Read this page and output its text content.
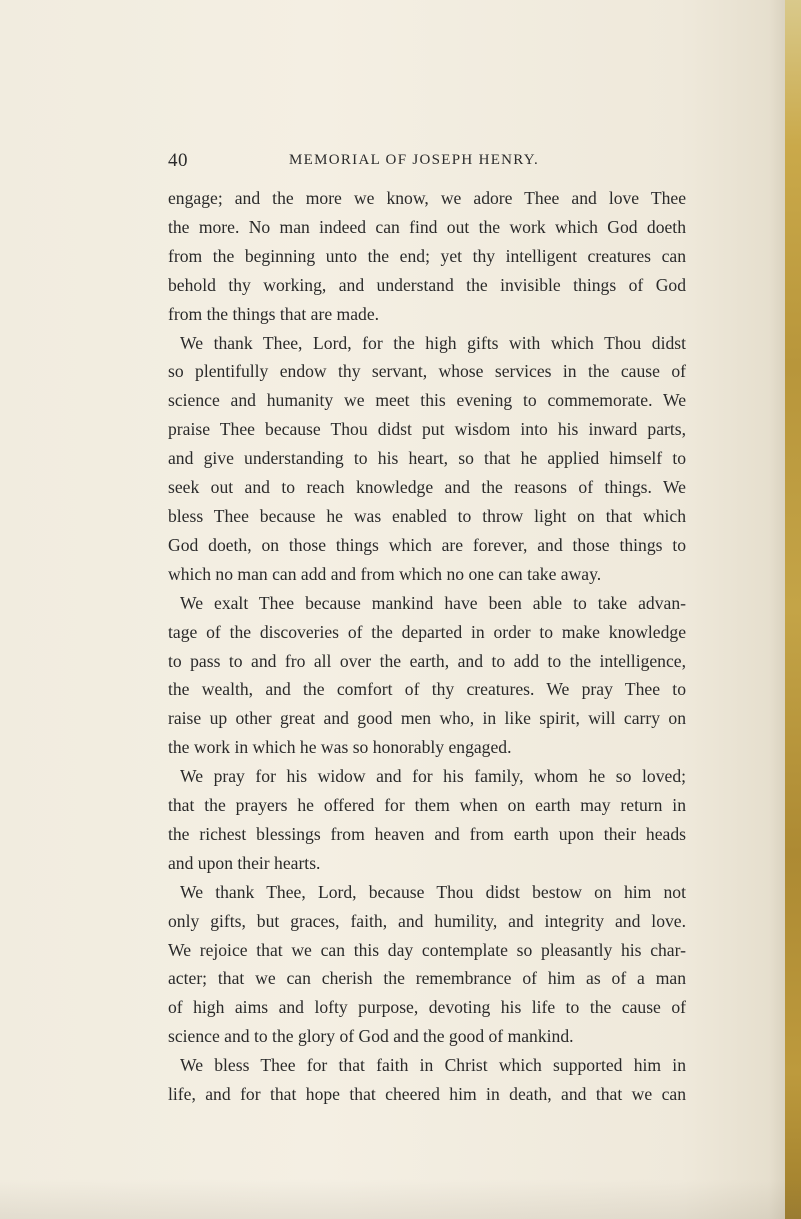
40	MEMORIAL OF JOSEPH HENRY.
engage; and the more we know, we adore Thee and love Thee
the more. No man indeed can find out the work which God doeth
from the beginning unto the end; yet thy intelligent creatures can
behold thy working, and understand the invisible things of God
from the things that are made.
We thank Thee, Lord, for the high gifts with which Thou didst
so plentifully endow thy servant, whose services in the cause of
science and humanity we meet this evening to commemorate. We
praise Thee because Thou didst put wisdom into his inward parts,
and give understanding to his heart, so that he applied himself to
seek out and to reach knowledge and the reasons of things. We
bless Thee because he was enabled to throw light on that which
God doeth, on those things which are forever, and those things to
which no man can add and from which no one can take away.
We exalt Thee because mankind have been able to take advan-
tage of the discoveries of the departed in order to make knowledge
to pass to and fro all over the earth, and to add to the intelligence,
the wealth, and the comfort of thy creatures. We pray Thee to
raise up other great and good men who, in like spirit, will carry on
the work in which he was so honorably engaged.
We pray for his widow and for his family, whom he so loved;
that the prayers he offered for them when on earth may return in
the richest blessings from heaven and from earth upon their heads
and upon their hearts.
We thank Thee, Lord, because Thou didst bestow on him not
only gifts, but graces, faith, and humility, and integrity and love.
We rejoice that we can this day contemplate so pleasantly his char-
acter; that we can cherish the remembrance of him as of a man
of high aims and lofty purpose, devoting his life to the cause of
science and to the glory of God and the good of mankind.
We bless Thee for that faith in Christ which supported him in
life, and for that hope that cheered him in death, and that we can
